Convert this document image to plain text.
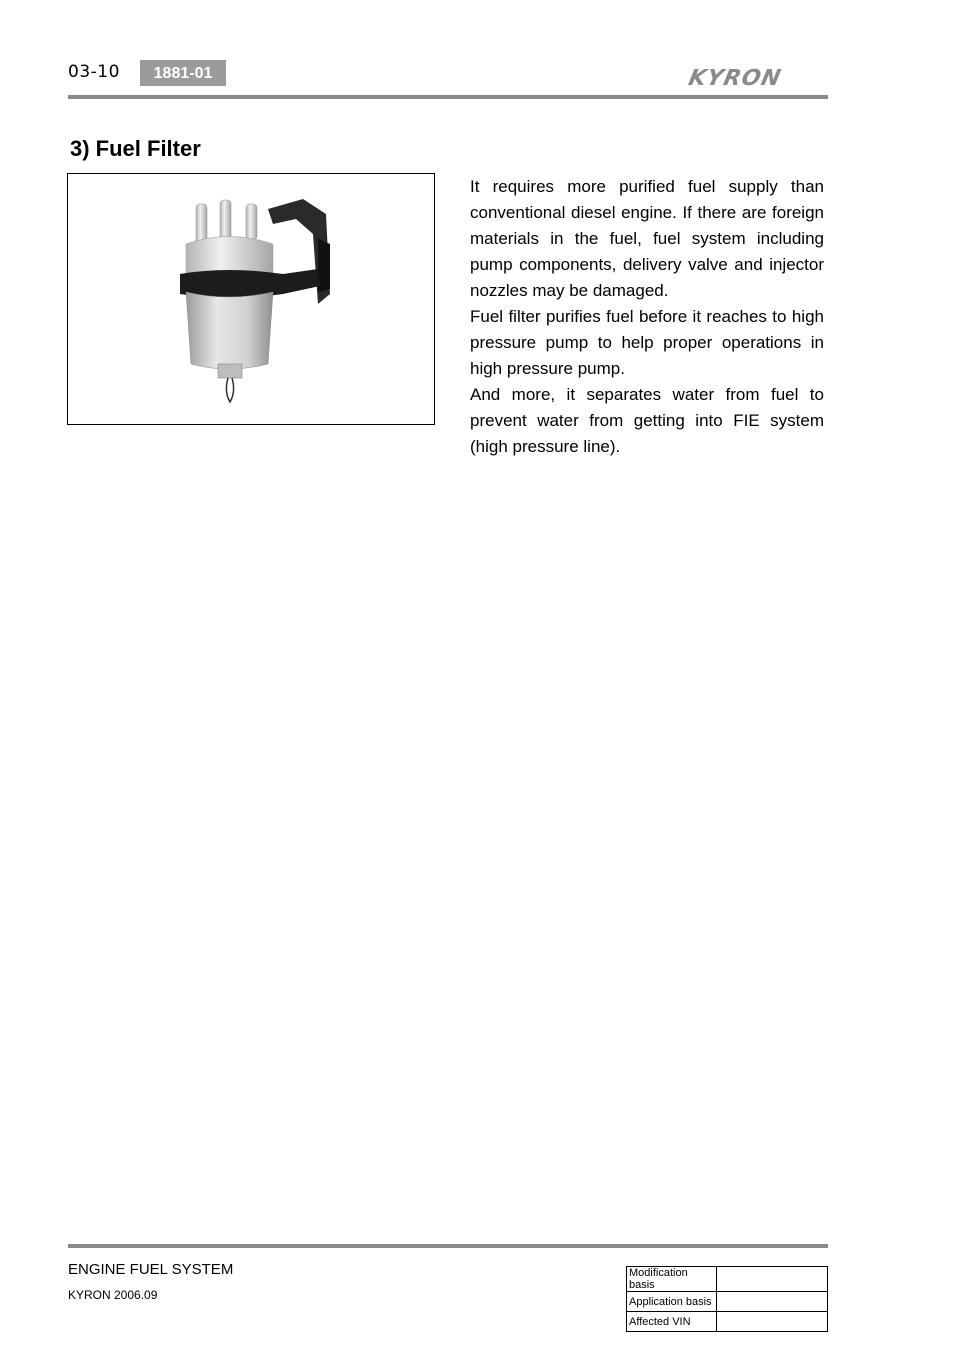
03-10	1881-01	KYRON
3) Fuel Filter

It requires more purified fuel supply than conventional diesel engine. If there are foreign materials in the fuel, fuel system including pump components, delivery valve and injector nozzles may be damaged.

Fuel filter purifies fuel before it reaches to high pressure pump to help proper operations in high pressure pump.

And more, it separates water from fuel to prevent water from getting into FIE system (high pressure line).

ENGINE FUEL SYSTEM
KYRON 2006.09
Modification basis	
Application basis	
Affected VIN	
